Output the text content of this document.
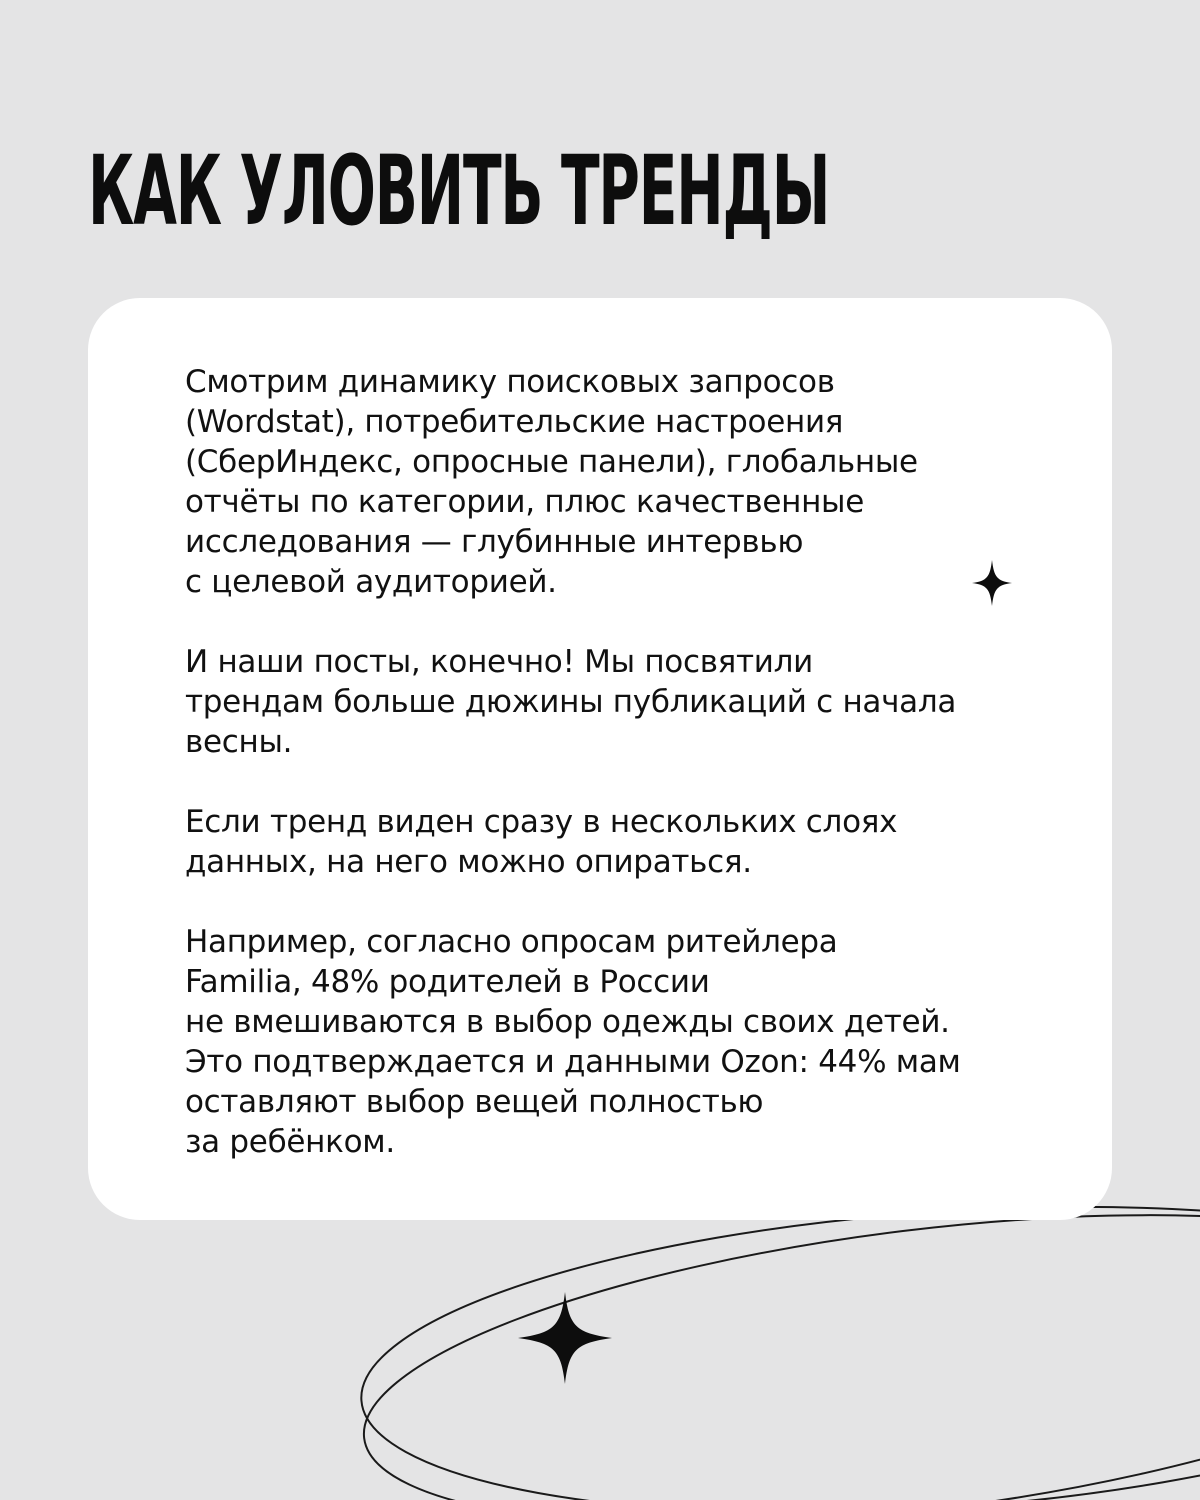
КАК УЛОВИТЬ ТРЕНДЫ

Смотрим динамику поисковых запросов
(Wordstat), потребительские настроения
(СберИндекс, опросные панели), глобальные
отчёты по категории, плюс качественные
исследования — глубинные интервью
с целевой аудиторией.

И наши посты, конечно! Мы посвятили
трендам больше дюжины публикаций с начала
весны.

Если тренд виден сразу в нескольких слоях
данных, на него можно опираться.

Например, согласно опросам ритейлера
Familia, 48% родителей в России
не вмешиваются в выбор одежды своих детей.
Это подтверждается и данными Ozon: 44% мам
оставляют выбор вещей полностью
за ребёнком.
